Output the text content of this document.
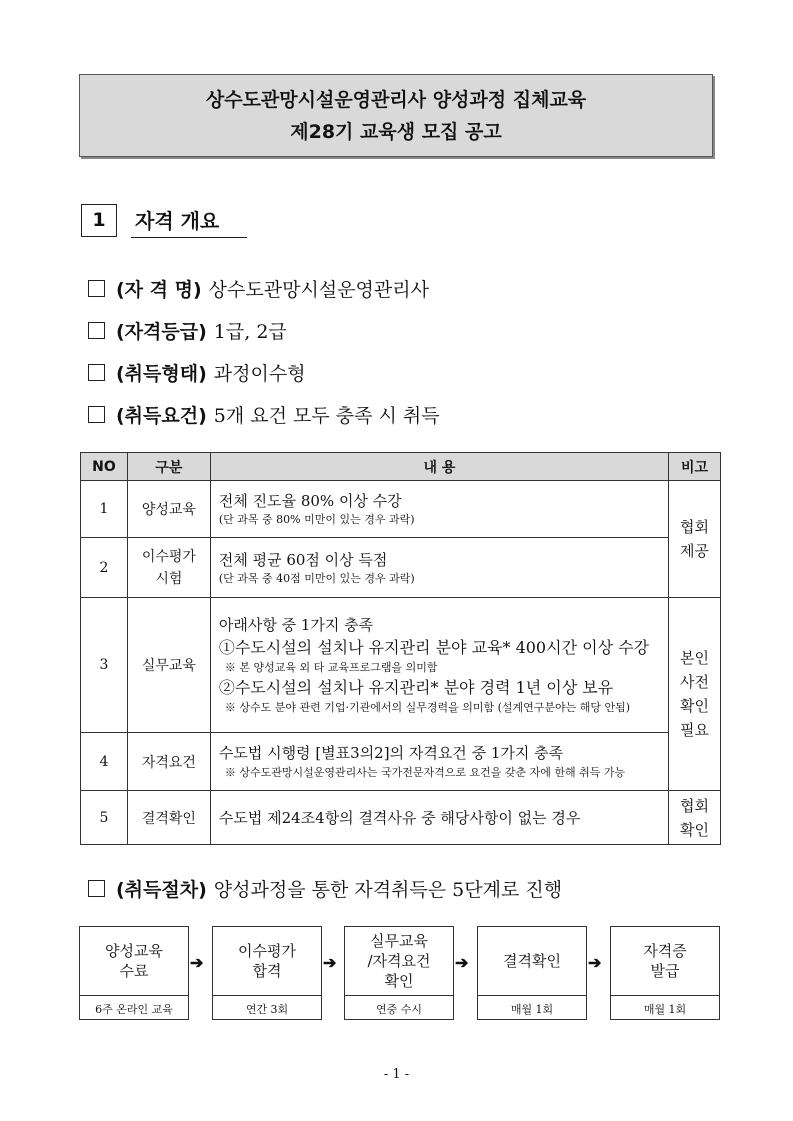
상수도관망시설운영관리사 양성과정 집체교육
제28기 교육생 모집 공고
1	자격 개요
(자 격 명) 상수도관망시설운영관리사
(자격등급) 1급, 2급
(취득형태) 과정이수형
(취득요건) 5개 요건 모두 충족 시 취득
NO	구분	내 용	비고
1	양성교육	전체 진도율 80% 이상 수강
(단 과목 중 80% 미만이 있는 경우 과락)	협회 제공
2	이수평가 시험	전체 평균 60점 이상 득점
(단 과목 중 40점 미만이 있는 경우 과락)	

3	실무교육	아래사항 중 1가지 충족
①수도시설의 설치나 유지관리 분야 교육* 400시간 이상 수강
※ 본 양성교육 외 타 교육프로그램을 의미함
②수도시설의 설치나 유지관리* 분야 경력 1년 이상 보유
※ 상수도 분야 관련 기업·기관에서의 실무경력을 의미함 (설계연구분야는 해당 안됨)	본인 사전 확인 필요
4	자격요건	수도법 시행령 [별표3의2]의 자격요건 중 1가지 충족
※ 상수도관망시설운영관리사는 국가전문자격으로 요건을 갖춘 자에 한해 취득 가능	

5	결격확인	수도법 제24조4항의 결격사유 중 해당사항이 없는 경우	협회 확인
(취득절차) 양성과정을 통한 자격취득은 5단계로 진행
양성교육
수료
6주 온라인 교육
➔
이수평가
합격
연간 3회
➔
실무교육
/자격요건
확인
연중 수시
➔	결격확인
매월 1회
➔
자격증
발급
매월 1회
- 1 -
